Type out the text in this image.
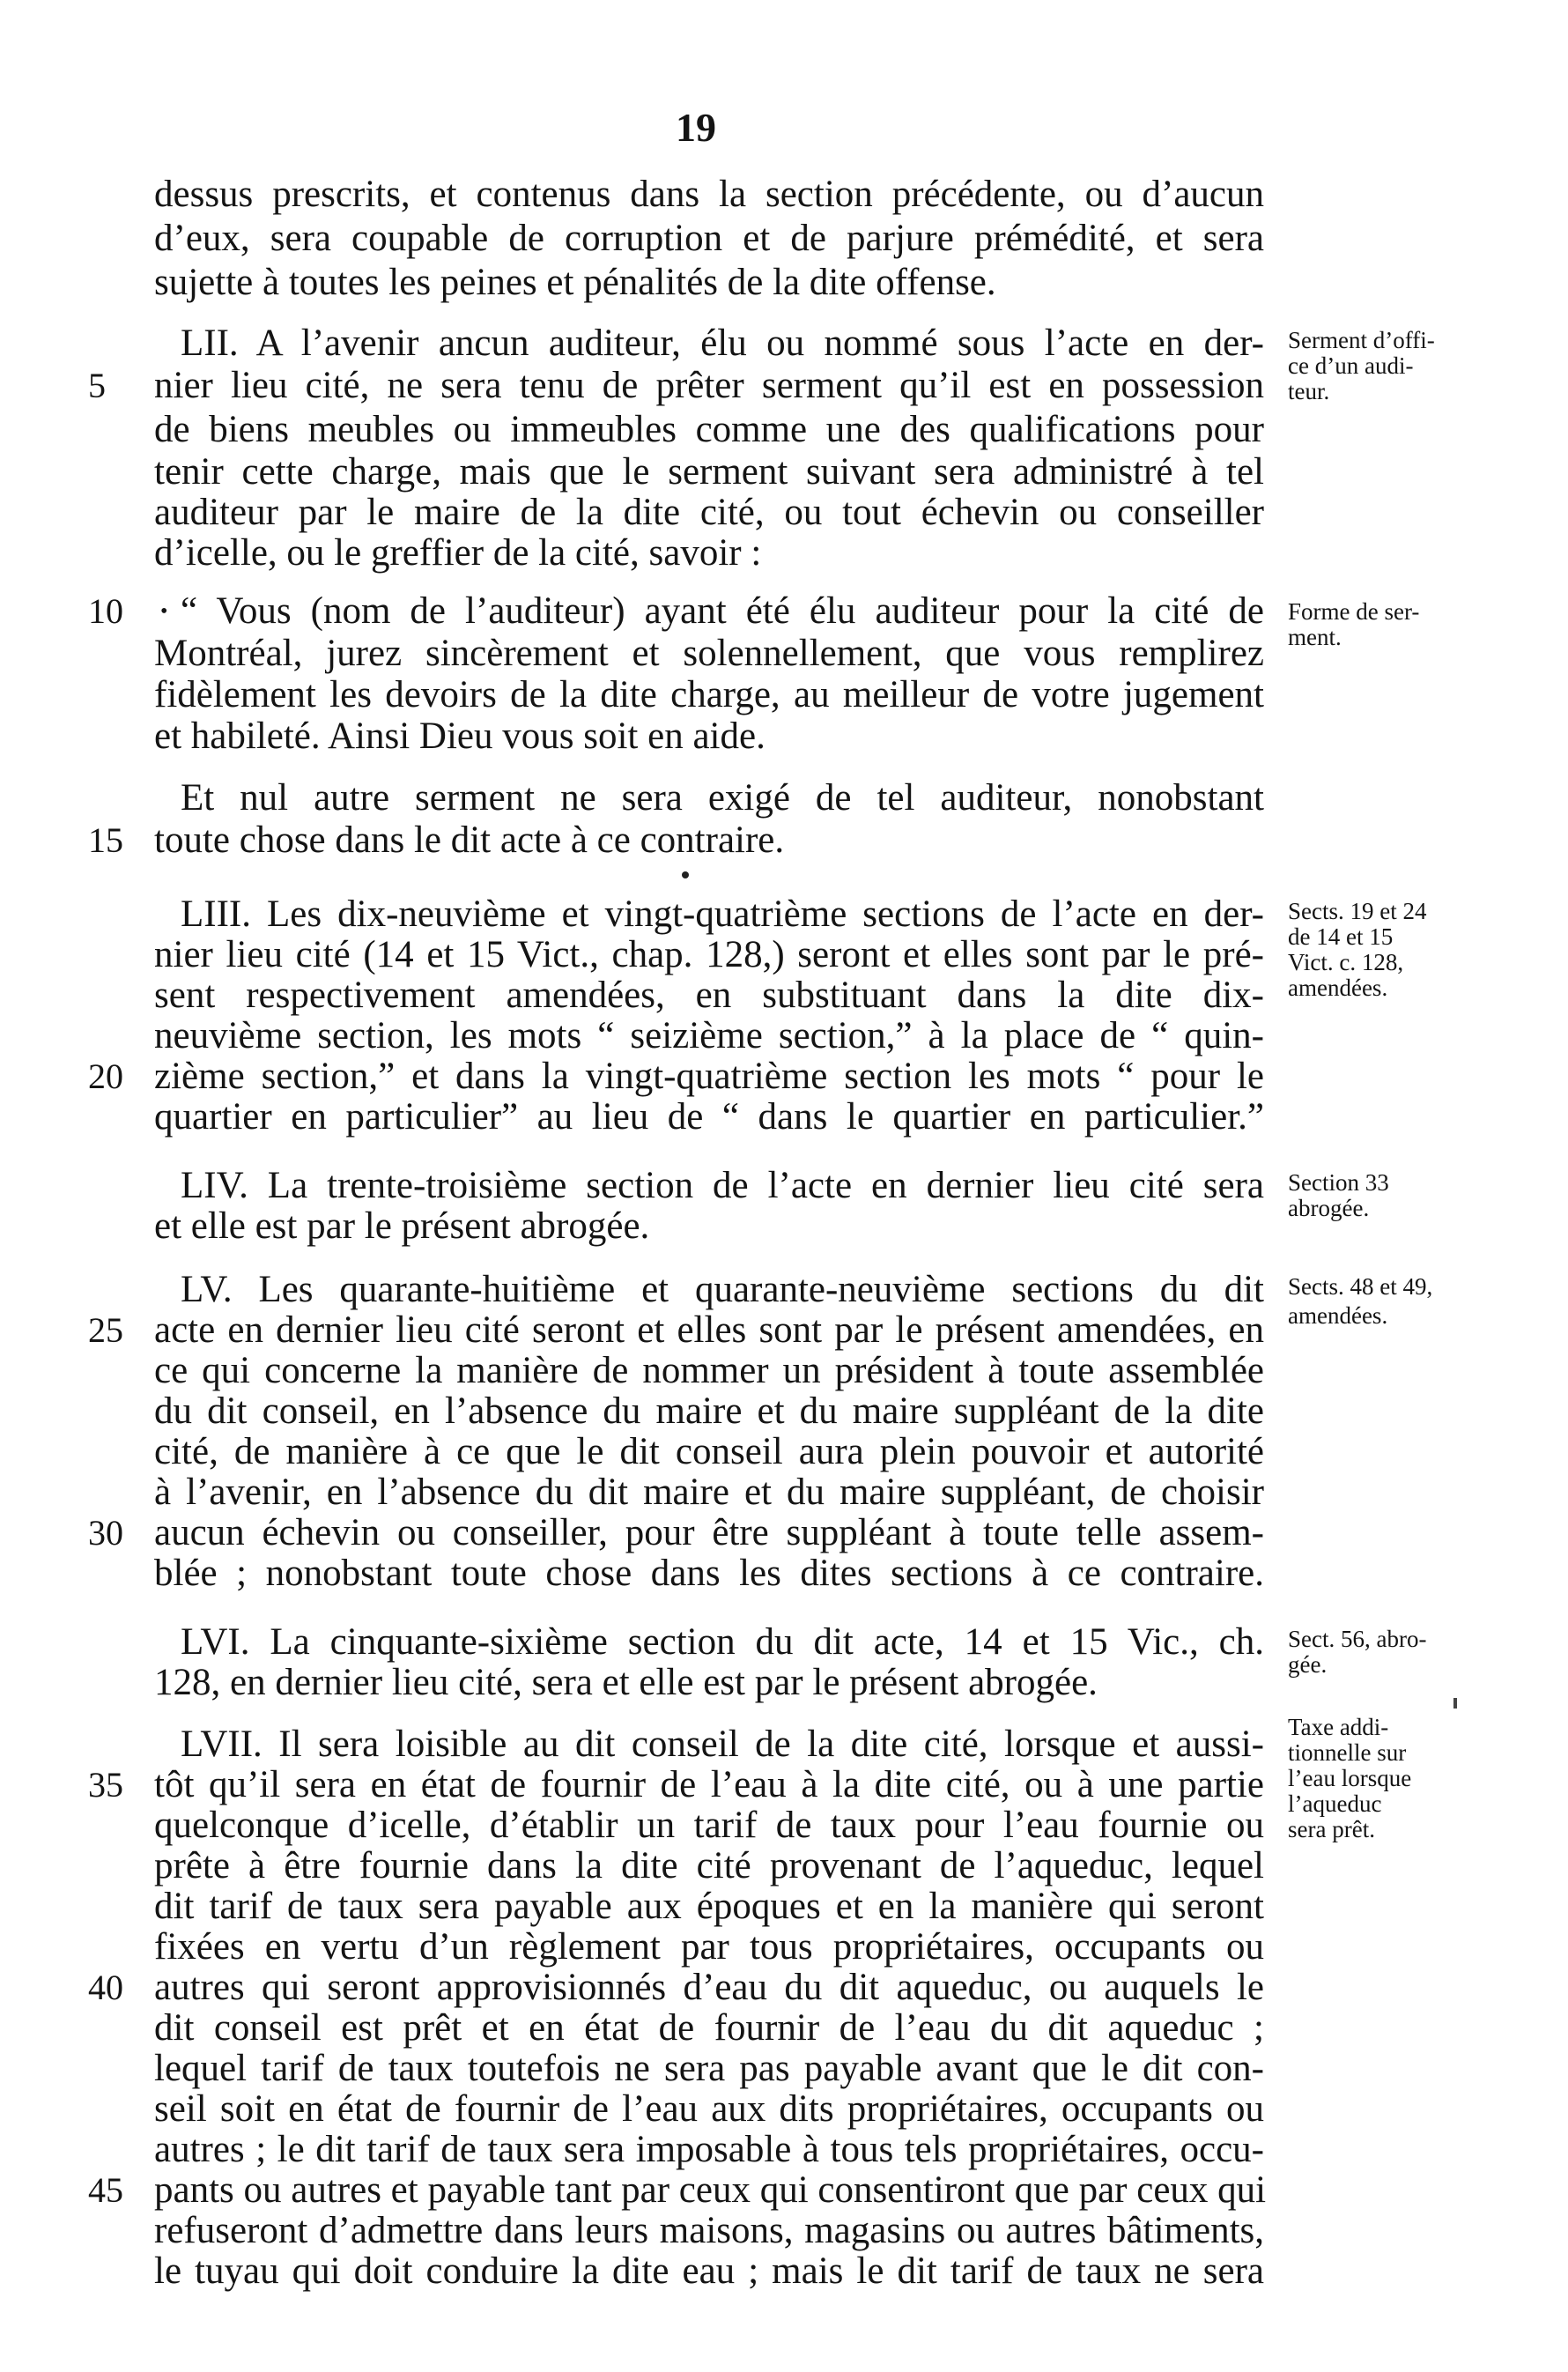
19
dessus prescrits, et contenus dans la section précédente, ou d’aucun
d’eux, sera coupable de corruption et de parjure prémédité, et sera
sujette à toutes les peines et pénalités de la dite offense.
LII. A l’avenir ancun auditeur, élu ou nommé sous l’acte en der-
nier lieu cité, ne sera tenu de prêter serment qu’il est en possession
de biens meubles ou immeubles comme une des qualifications pour
tenir cette charge, mais que le serment suivant sera administré à tel
auditeur par le maire de la dite cité, ou tout échevin ou conseiller
d’icelle, ou le greffier de la cité, savoir :
“ Vous (nom de l’auditeur) ayant été élu auditeur pour la cité de
Montréal, jurez sincèrement et solennellement, que vous remplirez
fidèlement les devoirs de la dite charge, au meilleur de votre jugement
et habileté. Ainsi Dieu vous soit en aide.
Et nul autre serment ne sera exigé de tel auditeur, nonobstant
toute chose dans le dit acte à ce contraire.
LIII. Les dix-neuvième et vingt-quatrième sections de l’acte en der-
nier lieu cité (14 et 15 Vict., chap. 128,) seront et elles sont par le pré-
sent respectivement amendées, en substituant dans la dite dix-
neuvième section, les mots “ seizième section,” à la place de “ quin-
zième section,” et dans la vingt-quatrième section les mots “ pour le
quartier en particulier” au lieu de “ dans le quartier en particulier.”
LIV. La trente-troisième section de l’acte en dernier lieu cité sera
et elle est par le présent abrogée.
LV. Les quarante-huitième et quarante-neuvième sections du dit
acte en dernier lieu cité seront et elles sont par le présent amendées, en
ce qui concerne la manière de nommer un président à toute assemblée
du dit conseil, en l’absence du maire et du maire suppléant de la dite
cité, de manière à ce que le dit conseil aura plein pouvoir et autorité
à l’avenir, en l’absence du dit maire et du maire suppléant, de choisir
aucun échevin ou conseiller, pour être suppléant à toute telle assem-
blée ; nonobstant toute chose dans les dites sections à ce contraire.
LVI. La cinquante-sixième section du dit acte, 14 et 15 Vic., ch.
128, en dernier lieu cité, sera et elle est par le présent abrogée.
LVII. Il sera loisible au dit conseil de la dite cité, lorsque et aussi-
tôt qu’il sera en état de fournir de l’eau à la dite cité, ou à une partie
quelconque d’icelle, d’établir un tarif de taux pour l’eau fournie ou
prête à être fournie dans la dite cité provenant de l’aqueduc, lequel
dit tarif de taux sera payable aux époques et en la manière qui seront
fixées en vertu d’un règlement par tous propriétaires, occupants ou
autres qui seront approvisionnés d’eau du dit aqueduc, ou auquels le
dit conseil est prêt et en état de fournir de l’eau du dit aqueduc ;
lequel tarif de taux toutefois ne sera pas payable avant que le dit con-
seil soit en état de fournir de l’eau aux dits propriétaires, occupants ou
autres ; le dit tarif de taux sera imposable à tous tels propriétaires, occu-
pants ou autres et payable tant par ceux qui consentiront que par ceux qui
refuseront d’admettre dans leurs maisons, magasins ou autres bâtiments,
le tuyau qui doit conduire la dite eau ; mais le dit tarif de taux ne sera
5
10
15
20
25
30
35
40
45
•
Serment d’offi-
ce d’un audi-
teur.
Forme de ser-
ment.
Sects. 19 et 24
de 14 et 15
Vict. c. 128,
amendées.
Section 33
abrogée.
Sects. 48 et 49,
amendées.
Sect. 56, abro-
gée.
Taxe addi-
tionnelle sur
l’eau lorsque
l’aqueduc
sera prêt.
